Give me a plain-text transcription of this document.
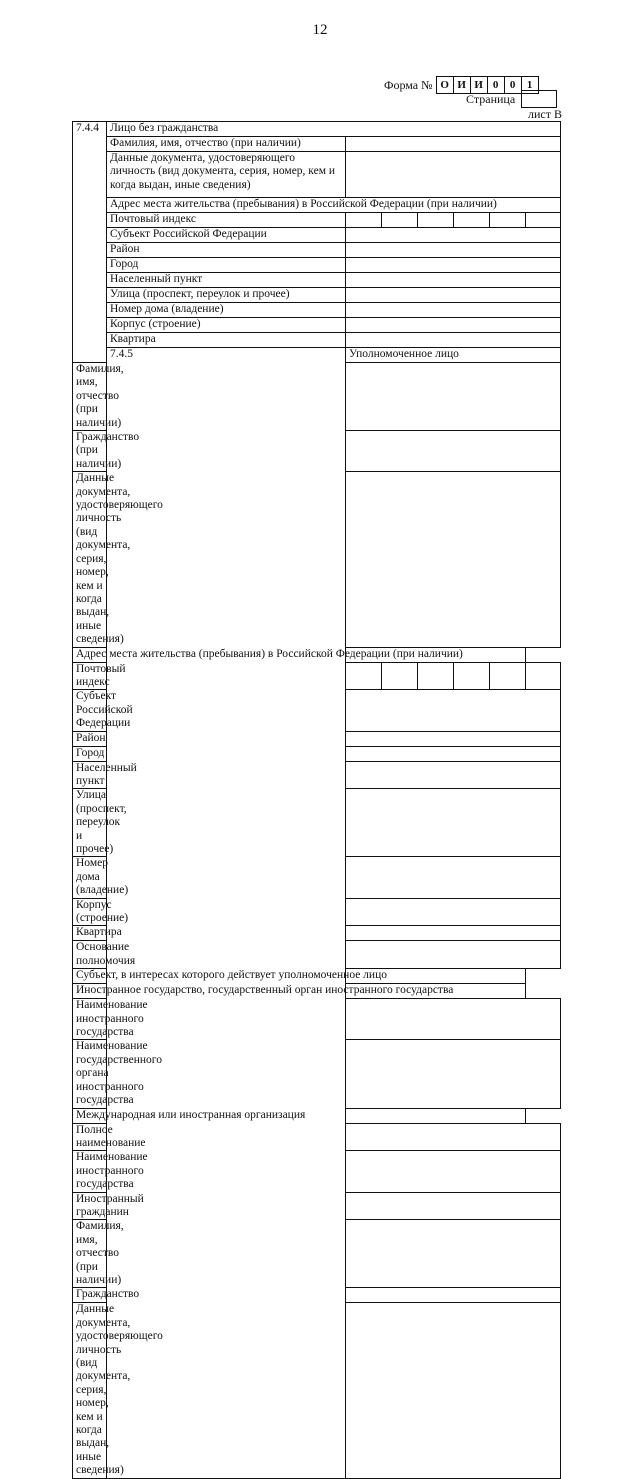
12
Форма № О И И 0	0	1
Страница
лист В
7.4.4	Лицо без гражданства						
	Фамилия, имя, отчество (при наличии)						
	Данные документа, удостоверяющего личность (вид документа, серия, номер, кем и когда выдан, иные сведения)						
	Адрес места жительства (пребывания) в Российской Федерации (при наличии)						
	Почтовый индекс						
	Субъект Российской Федерации						
	Район						
	Город						
	Населенный пункт						
	Улица (проспект, переулок и прочее)						
	Номер дома (владение)						
	Корпус (строение)						
	Квартира						
	7.4.5	Уполномоченное лицо					
Фамилия, имя, отчество (при наличии)							
Гражданство (при наличии)							
Данные документа, удостоверяющего личность (вид документа, серия, номер, кем и когда выдан, иные сведения)							
Адрес места жительства (пребывания) в Российской Федерации (при наличии)							
Почтовый индекс							
Субъект Российской Федерации							
Район							
Город							
Населенный пункт							
Улица (проспект, переулок и прочее)							
Номер дома (владение)							
Корпус (строение)							
Квартира							
Основание полномочия							
Субъект, в интересах которого действует уполномоченное лицо							
Иностранное государство, государственный орган иностранного государства							
Наименование иностранного государства							
Наименование государственного органа иностранного государства							
Международная или иностранная организация							
Полное наименование							
Наименование иностранного государства							
Иностранный гражданин							
Фамилия, имя, отчество (при наличии)							
Гражданство							
Данные документа, удостоверяющего личность (вид документа, серия, номер, кем и когда выдан, иные сведения)							
